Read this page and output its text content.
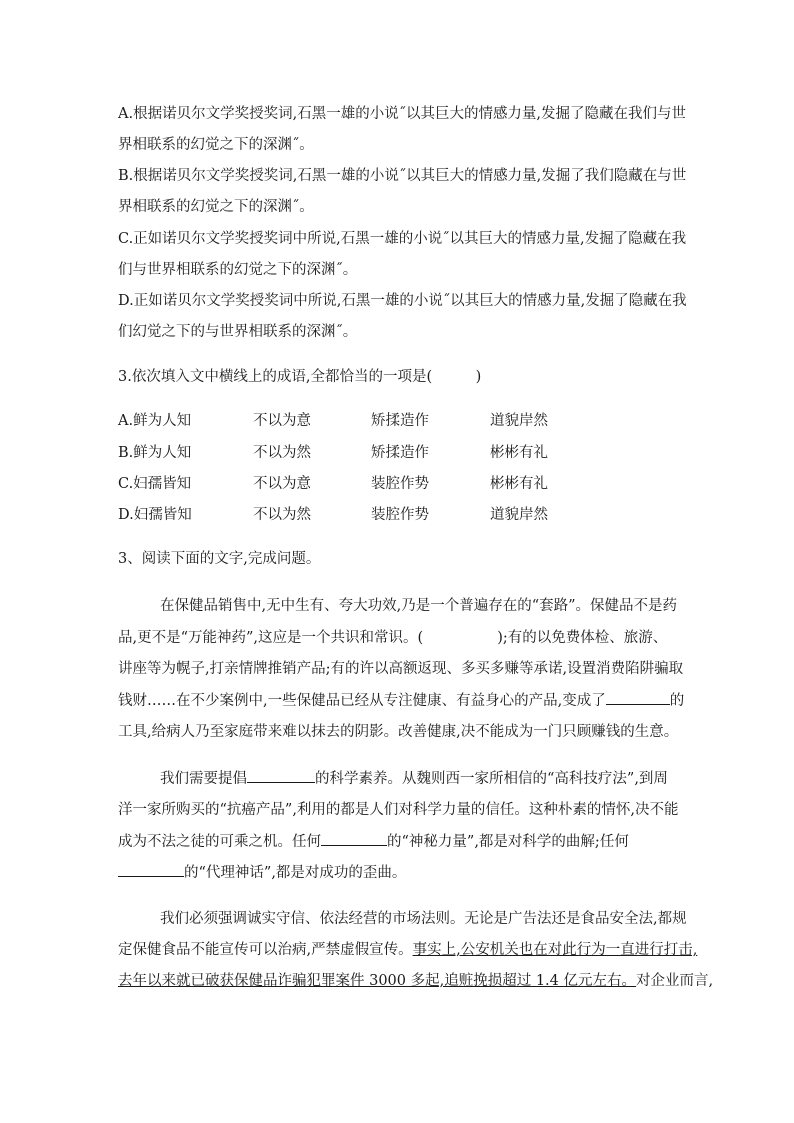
A.根据诺贝尔文学奖授奖词,石黑一雄的小说˝以其巨大的情感力量,发掘了隐藏在我们与世
界相联系的幻觉之下的深渊˝。
B.根据诺贝尔文学奖授奖词,石黑一雄的小说˝以其巨大的情感力量,发掘了我们隐藏在与世
界相联系的幻觉之下的深渊˝。
C.正如诺贝尔文学奖授奖词中所说,石黑一雄的小说˝以其巨大的情感力量,发掘了隐藏在我
们与世界相联系的幻觉之下的深渊˝。
D.正如诺贝尔文学奖授奖词中所说,石黑一雄的小说˝以其巨大的情感力量,发掘了隐藏在我
们幻觉之下的与世界相联系的深渊˝。
3.依次填入文中横线上的成语,全都恰当的一项是(　　　)
A.鲜为人知	不以为意	矫揉造作	道貌岸然
B.鲜为人知	不以为然	矫揉造作	彬彬有礼
C.妇孺皆知	不以为意	装腔作势	彬彬有礼
D.妇孺皆知	不以为然	装腔作势	道貌岸然
3、阅读下面的文字,完成问题。
在保健品销售中,无中生有、夸大功效,乃是一个普遍存在的“套路”。保健品不是药
品,更不是“万能神药”,这应是一个共识和常识。(	);有的以免费体检、旅游、
讲座等为幌子,打亲情牌推销产品;有的许以高额返现、多买多赚等承诺,设置消费陷阱骗取
钱财……在不少案例中,一些保健品已经从专注健康、有益身心的产品,变成了	的
工具,给病人乃至家庭带来难以抹去的阴影。改善健康,决不能成为一门只顾赚钱的生意。
我们需要提倡	的科学素养。从魏则西一家所相信的“高科技疗法”,到周
洋一家所购买的“抗癌产品”,利用的都是人们对科学力量的信任。这种朴素的情怀,决不能
成为不法之徒的可乘之机。任何	的“神秘力量”,都是对科学的曲解;任何
的“代理神话”,都是对成功的歪曲。
我们必须强调诚实守信、依法经营的市场法则。无论是广告法还是食品安全法,都规
定保健食品不能宣传可以治病,严禁虚假宣传。事实上,公安机关也在对此行为一直进行打击,
去年以来就已破获保健品诈骗犯罪案件 3000 多起,追赃挽损超过 1.4 亿元左右。对企业而言,
